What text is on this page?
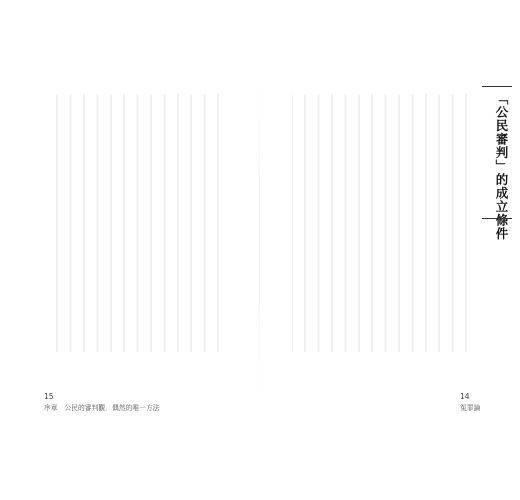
15
序章　公民的審判觀．偶然的唯一方法
「公民審判」的成立條件
14
冤罪論
